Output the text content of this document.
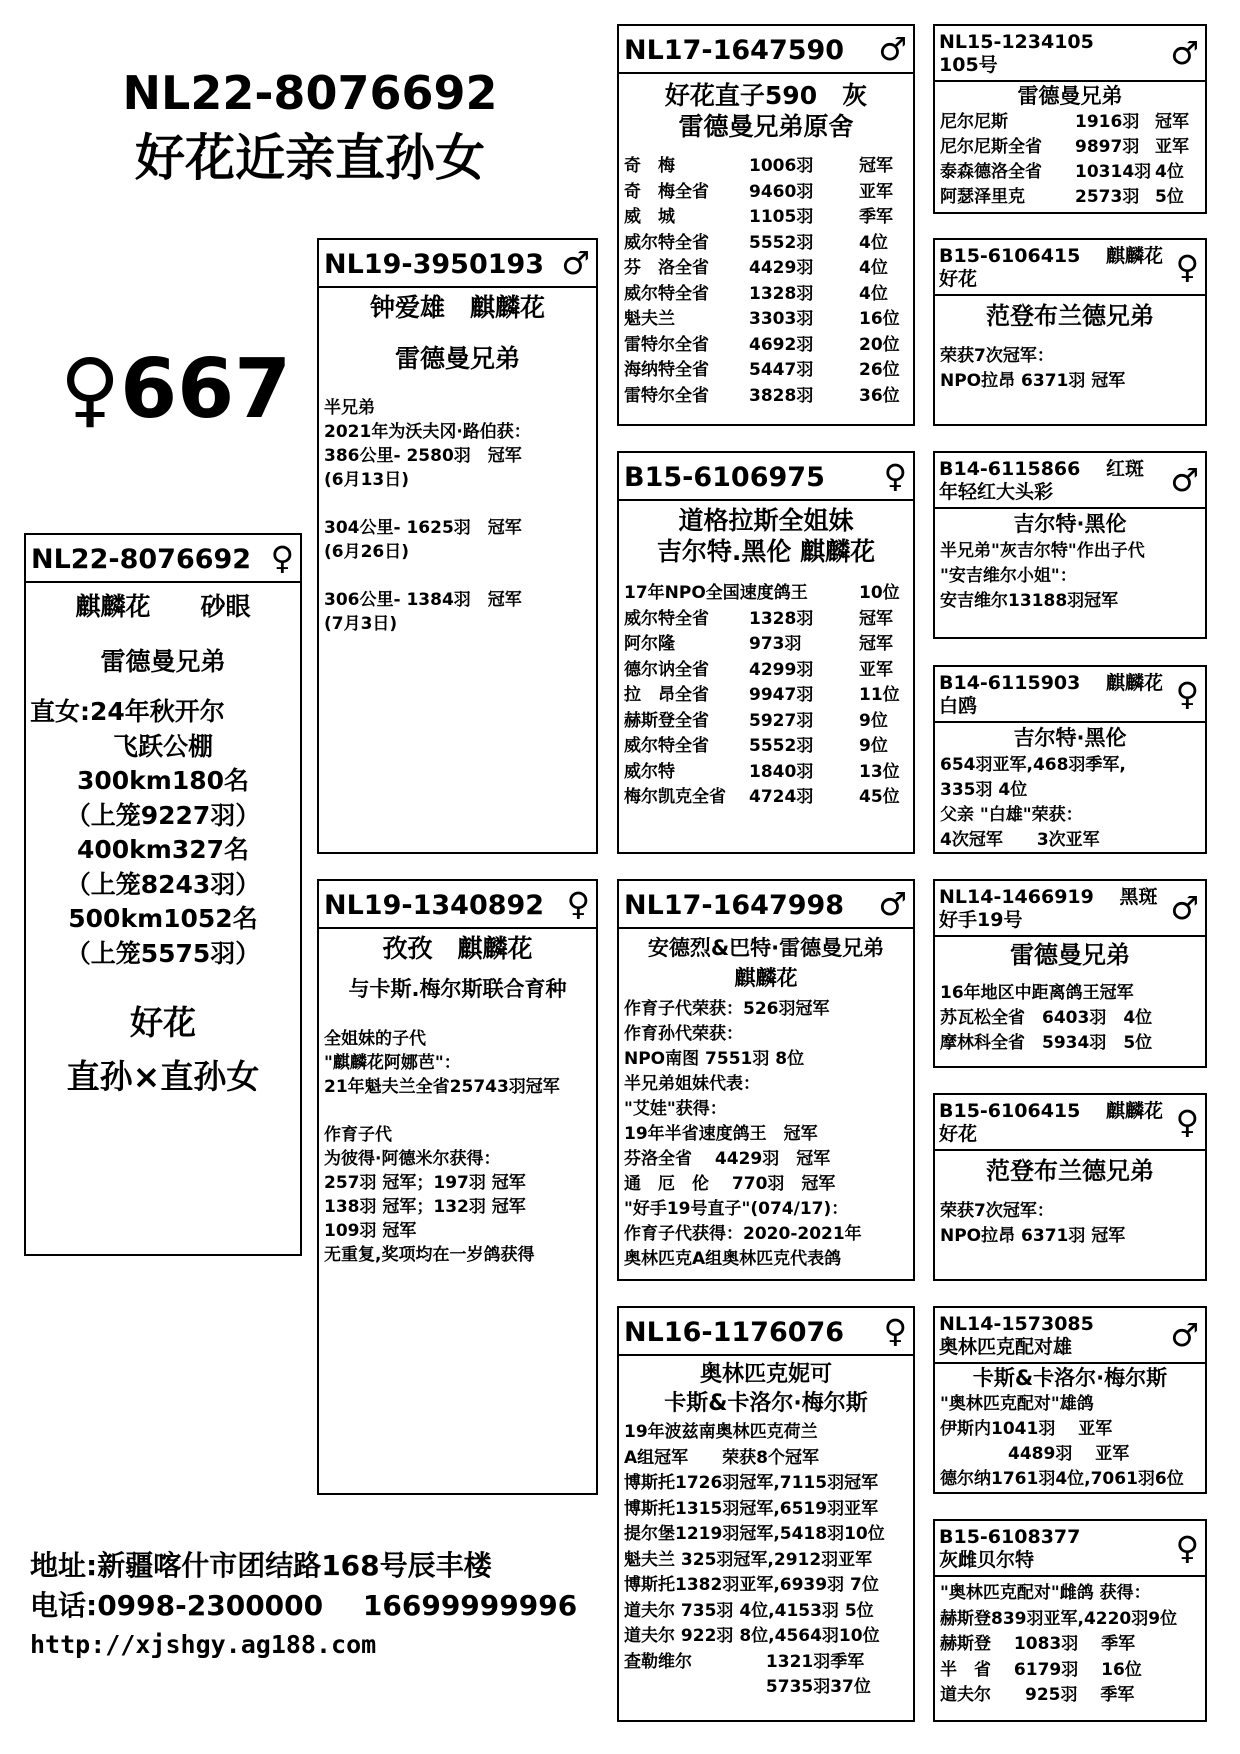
NL22-8076692
好花近亲直孙女
♀667
NL22-8076692 ♀
麒麟花　　砂眼
雷德曼兄弟
直女:24年秋开尔
飞跃公棚
300km180名
（上笼9227羽）
400km327名
（上笼8243羽）
500km1052名
（上笼5575羽）
好花
直孙×直孙女
NL19-3950193 ♂
钟爱雄　麒麟花
雷德曼兄弟
半兄弟
2021年为沃夫冈·路伯获：
386公里- 2580羽　冠军
(6月13日)
304公里- 1625羽　冠军
(6月26日)
306公里- 1384羽　冠军
(7月3日)
NL19-1340892 ♀
孜孜　麒麟花
与卡斯.梅尔斯联合育种
全姐妹的子代
"麒麟花阿娜芭"：
21年魁夫兰全省25743羽冠军
作育子代
为彼得·阿德米尔获得：
257羽 冠军；197羽 冠军
138羽 冠军；132羽 冠军
109羽 冠军
无重复,奖项均在一岁鸽获得
NL17-1647590	♂
好花直子590　灰
雷德曼兄弟原舍
奇　梅	1006羽	冠军
奇　梅全省	9460羽	亚军
威　城	1105羽	季军
威尔特全省	5552羽	4位
芬　洛全省	4429羽	4位
威尔特全省	1328羽	4位
魁夫兰	3303羽	16位
雷特尔全省	4692羽	20位
海纳特全省	5447羽	26位
雷特尔全省	3828羽	36位
B15-6106975	♀
道格拉斯全姐妹
吉尔特.黑伦 麒麟花
17年NPO全国速度鸽王	10位
威尔特全省	1328羽	冠军
阿尔隆	973羽	冠军
德尔讷全省	4299羽	亚军
拉　昂全省	9947羽	11位
赫斯登全省	5927羽	9位
威尔特全省	5552羽	9位
威尔特	1840羽	13位
梅尔凯克全省	4724羽	45位
NL17-1647998	♂
安德烈&巴特·雷德曼兄弟
麒麟花
作育子代荣获：526羽冠军
作育孙代荣获：
NPO南图 7551羽 8位
半兄弟姐妹代表：
"艾娃"获得：
19年半省速度鸽王　冠军
芬洛全省　 4429羽　冠军
通　厄　伦　 770羽　冠军
"好手19号直子"(074/17)：
作育子代获得：2020-2021年
奥林匹克A组奥林匹克代表鸽
NL16-1176076	♀
奥林匹克妮可
卡斯&卡洛尔·梅尔斯
19年波兹南奥林匹克荷兰
A组冠军　　荣获8个冠军
博斯托1726羽冠军,7115羽冠军
博斯托1315羽冠军,6519羽亚军
提尔堡1219羽冠军,5418羽10位
魁夫兰 325羽冠军,2912羽亚军
博斯托1382羽亚军,6939羽 7位
道夫尔 735羽 4位,4153羽 5位
道夫尔 922羽 8位,4564羽10位
查勒维尔　　　　 1321羽季军
　　　　　　　　 5735羽37位
NL15-1234105
105号	♂
雷德曼兄弟
尼尔尼斯	1916羽 冠军
尼尔尼斯全省	9897羽 亚军
泰森德洛全省	10314羽 4位
阿瑟泽里克	2573羽 5位
B15-6106415　 麒麟花
好花	♀
范登布兰德兄弟
荣获7次冠军：
NPO拉昂 6371羽 冠军
B14-6115866　 红斑
年轻红大头彩	♂
吉尔特·黑伦
半兄弟"灰吉尔特"作出子代
"安吉维尔小姐"：
安吉维尔13188羽冠军
B14-6115903　 麒麟花
白鸥	♀
吉尔特·黑伦
654羽亚军,468羽季军,
335羽 4位
父亲 "白雄"荣获：
4次冠军　　3次亚军
NL14-1466919　 黑斑
好手19号	♂
雷德曼兄弟
16年地区中距离鸽王冠军
苏瓦松全省　6403羽　4位
摩林科全省　5934羽　5位
B15-6106415　 麒麟花
好花	♀
范登布兰德兄弟
荣获7次冠军：
NPO拉昂 6371羽 冠军
NL14-1573085
奥林匹克配对雄	♂
卡斯&卡洛尔·梅尔斯
"奥林匹克配对"雄鸽
伊斯内1041羽　 亚军
　　　　4489羽　 亚军
德尔纳1761羽4位,7061羽6位
B15-6108377
灰雌贝尔特	♀
"奥林匹克配对"雌鸽 获得：
赫斯登839羽亚军,4220羽9位
赫斯登　 1083羽　 季军
半　省　 6179羽　 16位
道夫尔　　925羽　 季军
地址:新疆喀什市团结路168号辰丰楼
电话:0998-2300000 16699999996
http://xjshgy.ag188.com
